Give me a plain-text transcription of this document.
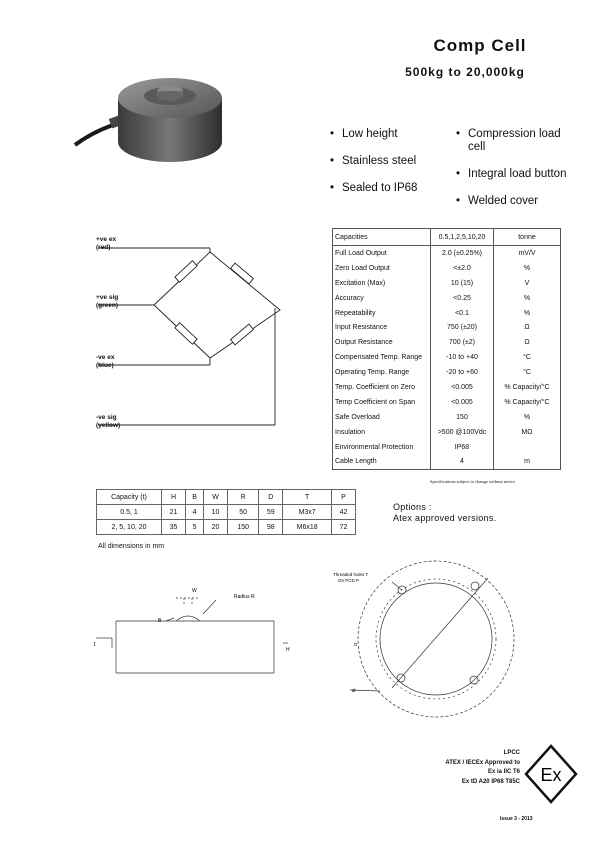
Comp Cell
500kg to 20,000kg
• Low height
• Stainless steel
• Sealed to IP68
• Compression load cell
• Integral load button
• Welded cover
+ve ex
(red)
+ve sig
(green)
-ve ex
(blue)
-ve sig
(yellow)
Capacities	0.5,1,2,5,10,20	tonne
Full Load Output	2.0 (±0.25%)	mV/V
Zero Load Output	<±2.0	%
Excitation (Max)	10 (15)	V
Accuracy	<0.25	%
Repeatability	<0.1	%
Input Resistance	750 (±20)	Ω
Output Resistance	700 (±2)	Ω
Compensated Temp. Range	-10 to +40	°C
Operating Temp. Range	-20 to +60	°C
Temp. Coefficient on Zero	<0.005	% Capacity/°C
Temp Coefficient on Span	<0.005	% Capacity/°C
Safe Overload	150	%
Insulation	>500 @100Vdc	MΩ
Environmental Protection	IP68	
Cable Length	4	m
Specifications subject to change without notice
Capacity (t)	H	B	W	R	D	T	P
0.5, 1	21	4	10	50	59	M3x7	42
2, 5, 10, 20	35	5	20	150	98	M6x18	72
All dimensions in mm
Options :
Atex approved versions.
W
Radius R
B
t
H
Threaded holes T
On PCD P
D
Ø
LPCC
ATEX / IECEx Approved to
Ex ia IIC T6
Ex tD A20 IP68 T85C Ex
Issue 3 - 2013
